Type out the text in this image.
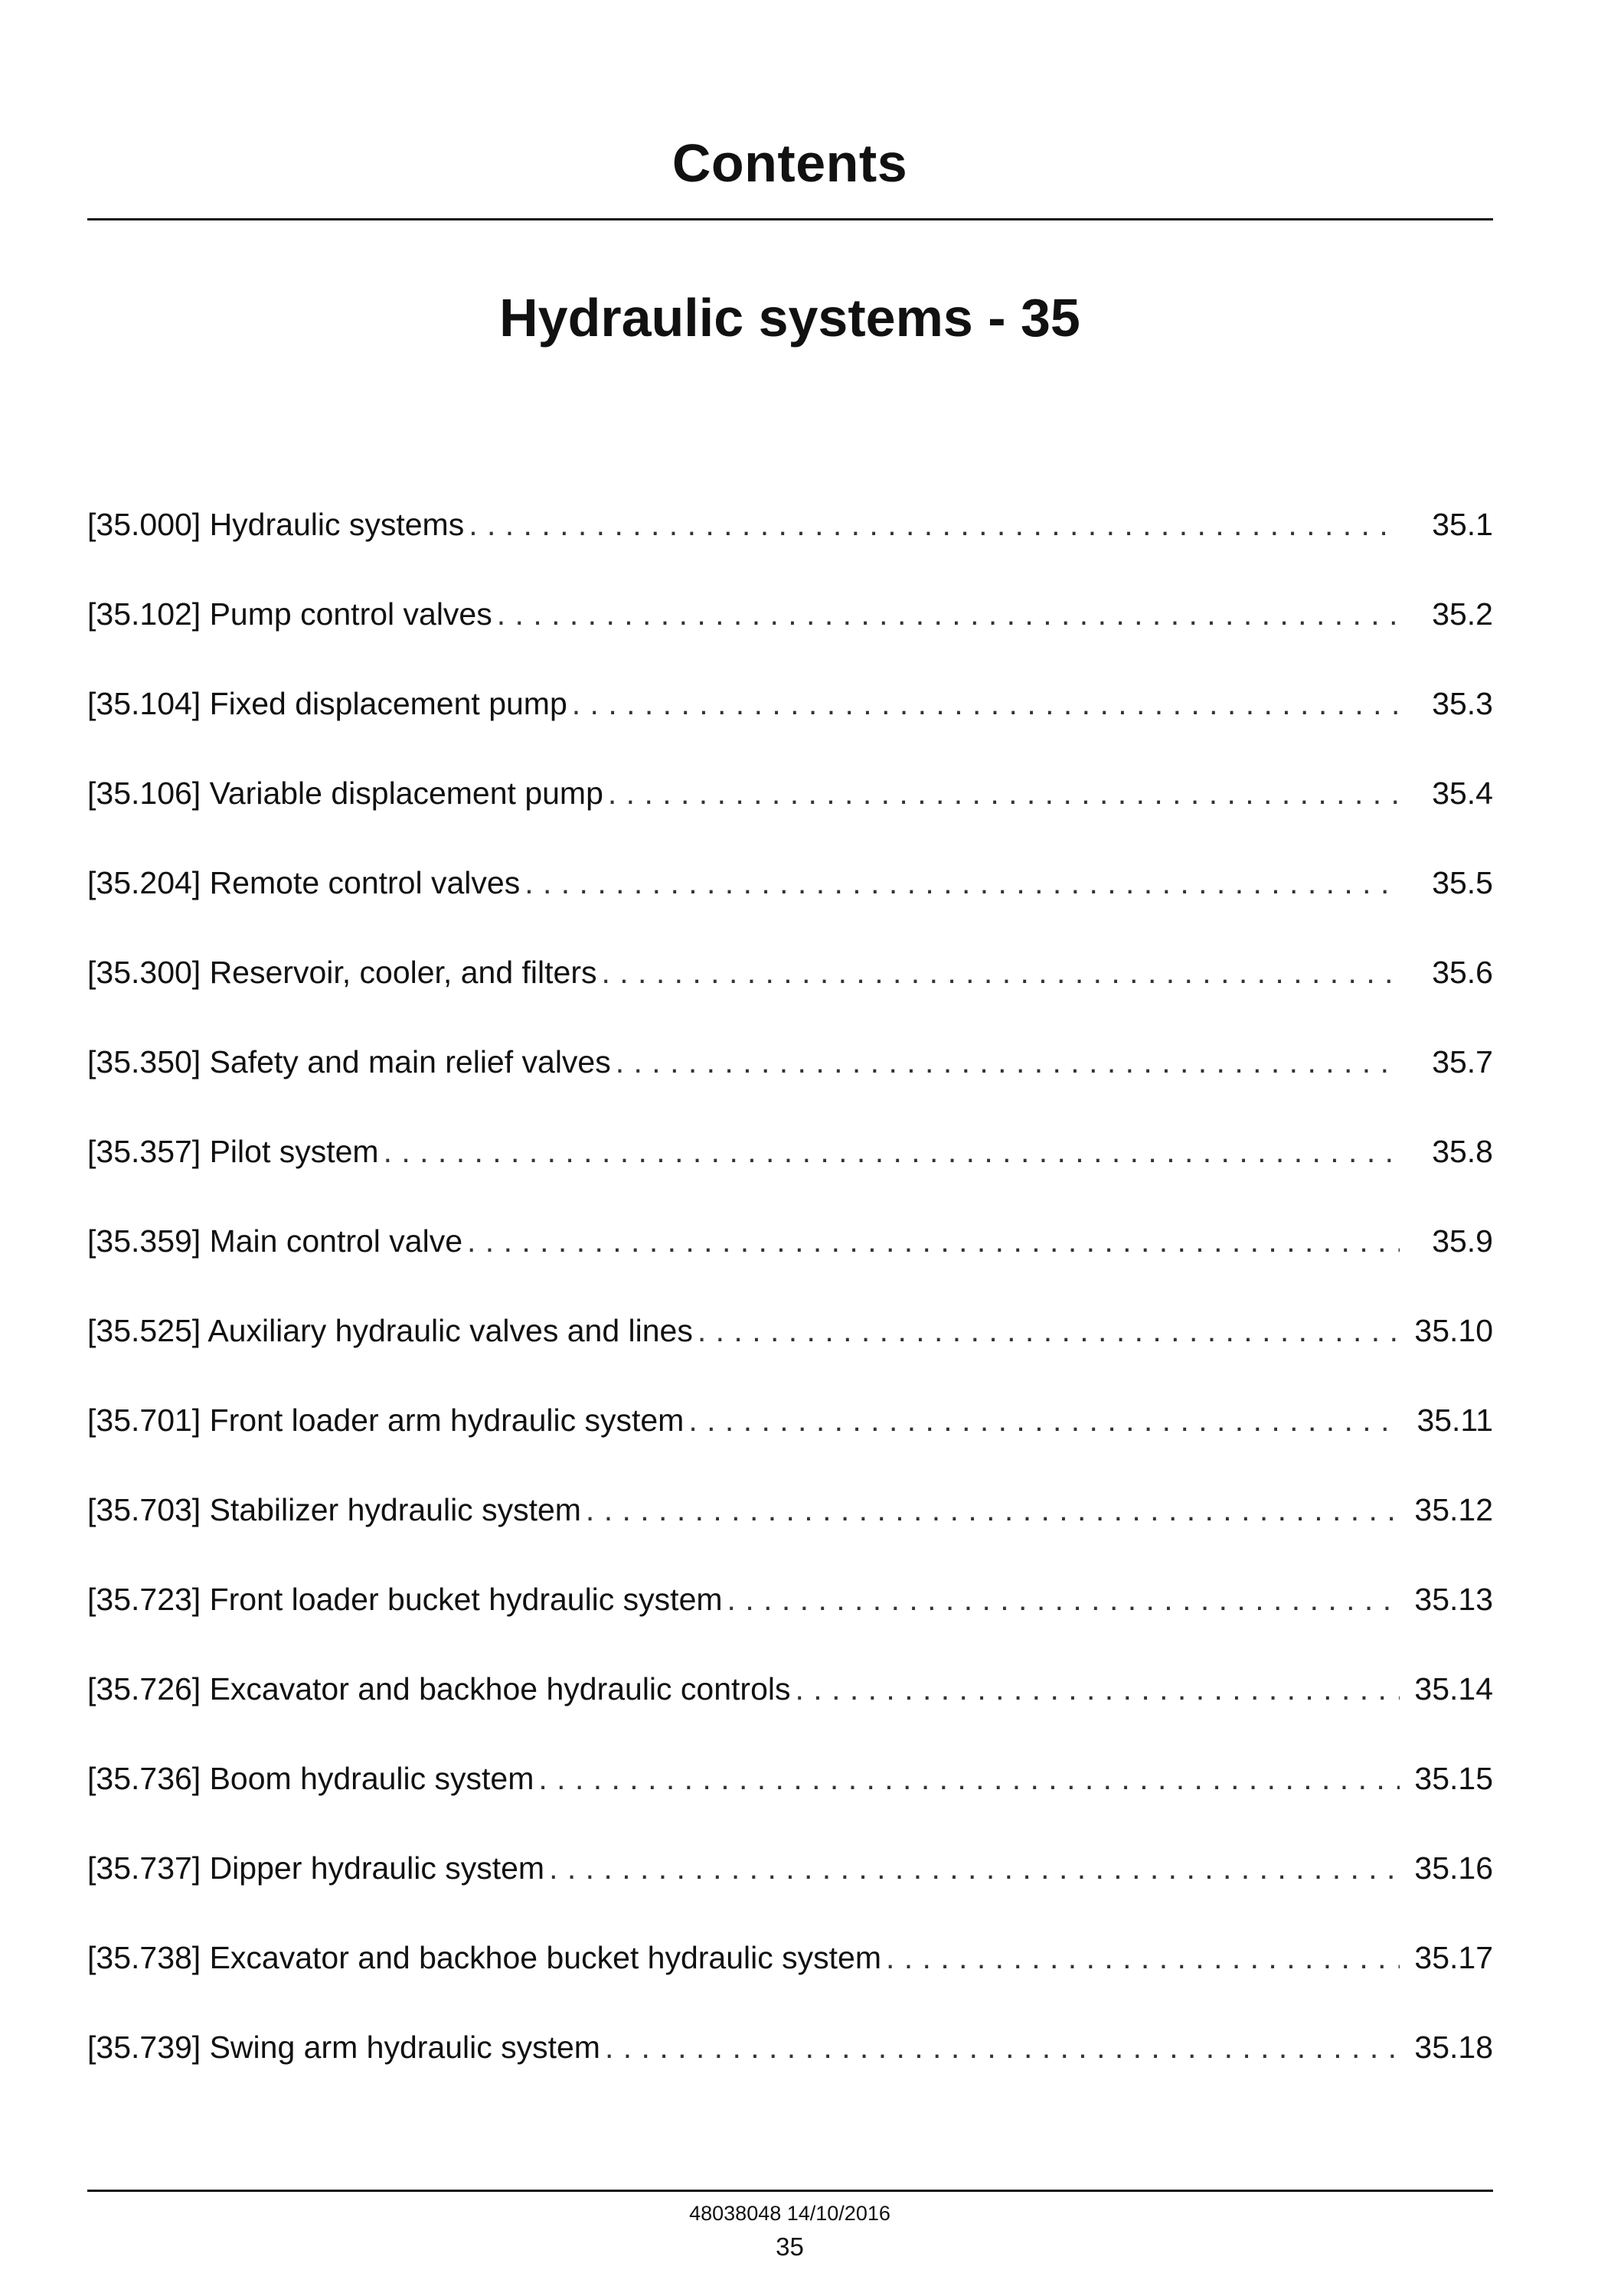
Contents
Hydraulic systems - 35
[35.000] Hydraulic systems . . .	35.1
[35.102] Pump control valves . . .	35.2
[35.104] Fixed displacement pump . . .	35.3
[35.106] Variable displacement pump . . .	35.4
[35.204] Remote control valves . . .	35.5
[35.300] Reservoir, cooler, and filters . . .	35.6
[35.350] Safety and main relief valves . . .	35.7
[35.357] Pilot system . . .	35.8
[35.359] Main control valve . . .	35.9
[35.525] Auxiliary hydraulic valves and lines . . .	35.10
[35.701] Front loader arm hydraulic system . . .	35.11
[35.703] Stabilizer hydraulic system . . .	35.12
[35.723] Front loader bucket hydraulic system . . .	35.13
[35.726] Excavator and backhoe hydraulic controls . . .	35.14
[35.736] Boom hydraulic system . . .	35.15
[35.737] Dipper hydraulic system . . .	35.16
[35.738] Excavator and backhoe bucket hydraulic system . . .	35.17
[35.739] Swing arm hydraulic system . . .	35.18
48038048 14/10/2016
35
